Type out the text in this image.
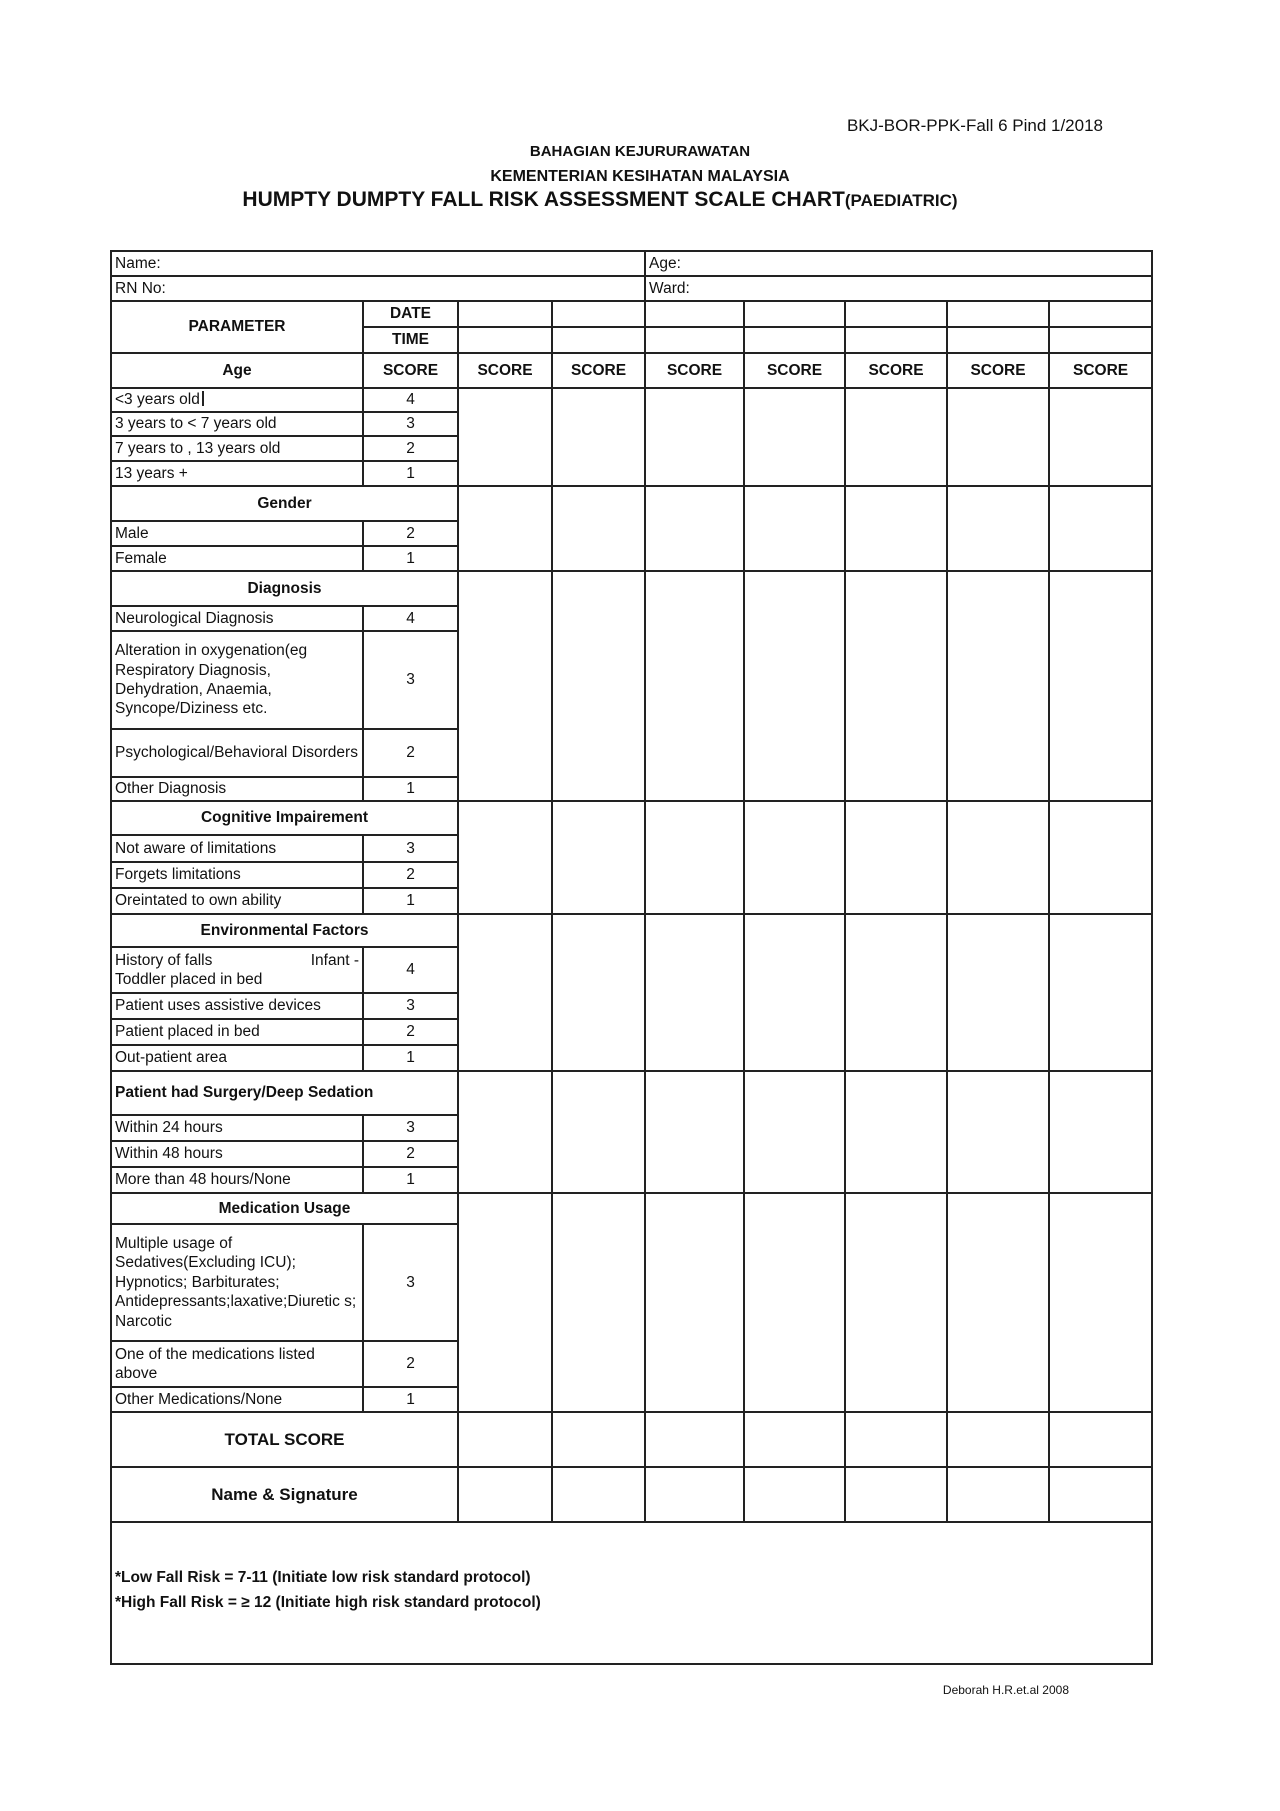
BKJ-BOR-PPK-Fall 6 Pind 1/2018
BAHAGIAN KEJURURAWATAN
KEMENTERIAN KESIHATAN MALAYSIA
HUMPTY DUMPTY FALL RISK ASSESSMENT SCALE CHART(PAEDIATRIC)
Name:				Age:				
RN No:				Ward:				
PARAMETER	DATE							
	TIME							
Age	SCORE	SCORE	SCORE	SCORE	SCORE	SCORE	SCORE	SCORE
<3 years old	4							
3 years to < 7 years old	3							
7 years to , 13 years old	2							
13 years +	1							
Gender								
Male	2							
Female	1							
Diagnosis								
Neurological Diagnosis	4							
Alteration in oxygenation(eg Respiratory Diagnosis, Dehydration, Anaemia, Syncope/Diziness etc.	3							
Psychological/Behavioral Disorders	2							
Other Diagnosis	1							
Cognitive Impairement								
Not aware of limitations	3							
Forgets limitations	2							
Oreintated to own ability	1							
Environmental Factors								

History of falls Infant -
Toddler placed in bed	4							
Patient uses assistive devices	3							
Patient placed in bed	2							
Out-patient area	1							
Patient had Surgery/Deep Sedation								
Within 24 hours	3							
Within 48 hours	2							
More than 48 hours/None	1							
Medication Usage								
Multiple usage of Sedatives(Excluding ICU); Hypnotics; Barbiturates; Antidepressants;laxative;Diuretic s; Narcotic	3							
One of the medications listed above	2							
Other Medications/None	1							
TOTAL SCORE								
Name & Signature								

*Low Fall Risk = 7-11 (Initiate low risk standard protocol)
*High Fall Risk = ≥ 12 (Initiate high risk standard protocol)								
Deborah H.R.et.al 2008
